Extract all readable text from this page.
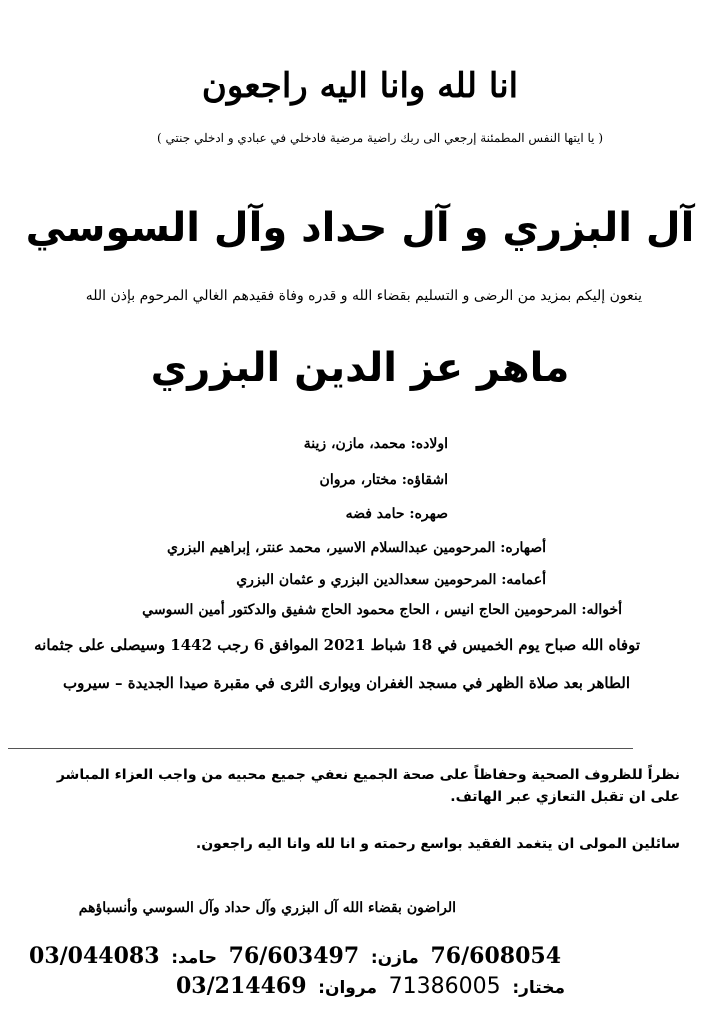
انا لله وانا اليه راجعون
( يا ايتها النفس المطمئنة إرجعي الى ربك راضية مرضية فادخلي في عبادي و ادخلي جنتي )
آل البزري و آل حداد وآل السوسي
ينعون إليكم بمزيد من الرضى و التسليم بقضاء الله و قدره وفاة فقيدهم الغالي المرحوم بإذن الله
ماهر عز الدين البزري
اولاده: محمد، مازن، زينة
اشقاؤه: مختار، مروان
صهره: حامد فضه
أصهاره: المرحومين عبدالسلام الاسير، محمد عنتر، إبراهيم البزري
أعمامه: المرحومين سعدالدين البزري و عثمان البزري
أخواله: المرحومين الحاج انيس ، الحاج محمود الحاج شفيق والدكتور أمين السوسي
توفاه الله صباح يوم الخميس في 18 شباط 2021 الموافق 6 رجب 1442 وسيصلى على جثمانه
الطاهر بعد صلاة الظهر في مسجد الغفران ويوارى الثرى في مقبرة صيدا الجديدة – سيروب
نظراً للظروف الصحية وحفاظاً على صحة الجميع نعفي جميع محبيه من واجب العزاء المباشر على ان تقبل التعازي عبر الهاتف.
سائلين المولى ان يتغمد الفقيد بواسع رحمته و انا لله وانا اليه راجعون.
الراضون بقضاء الله آل البزري وآل حداد وآل السوسي وأنسباؤهم
76/608054 مازن: 76/603497 حامد: 03/044083
مختار: 71386005 مروان: 03/214469
